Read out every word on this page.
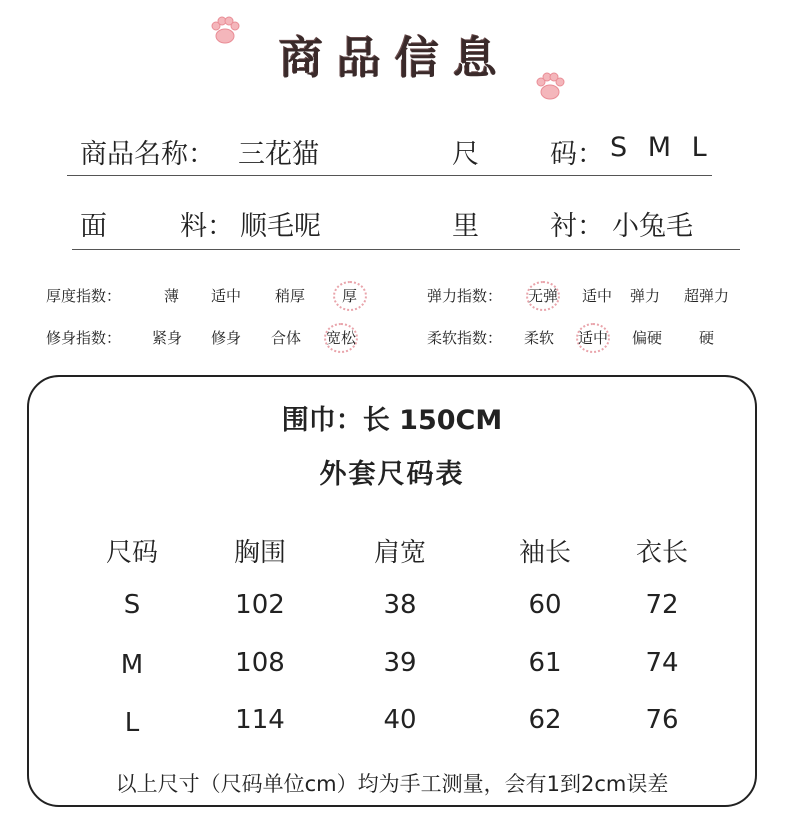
商品信息
商品名称： 三花猫	尺	码： S M L
面	料： 顺毛呢	里	衬： 小兔毛
厚度指数：	薄 适中 稍厚 厚	弹力指数： 无弹 适中 弹力 超弹力
修身指数： 紧身 修身 合体 宽松	柔软指数： 柔软 适中 偏硬 硬
围巾：长 150CM
外套尺码表
尺码	胸围	肩宽	袖长	衣长
S	102	38	60	72
M	108	39	61	74
L	114	40	62	76
以上尺寸（尺码单位cm）均为手工测量，会有1到2cm误差
